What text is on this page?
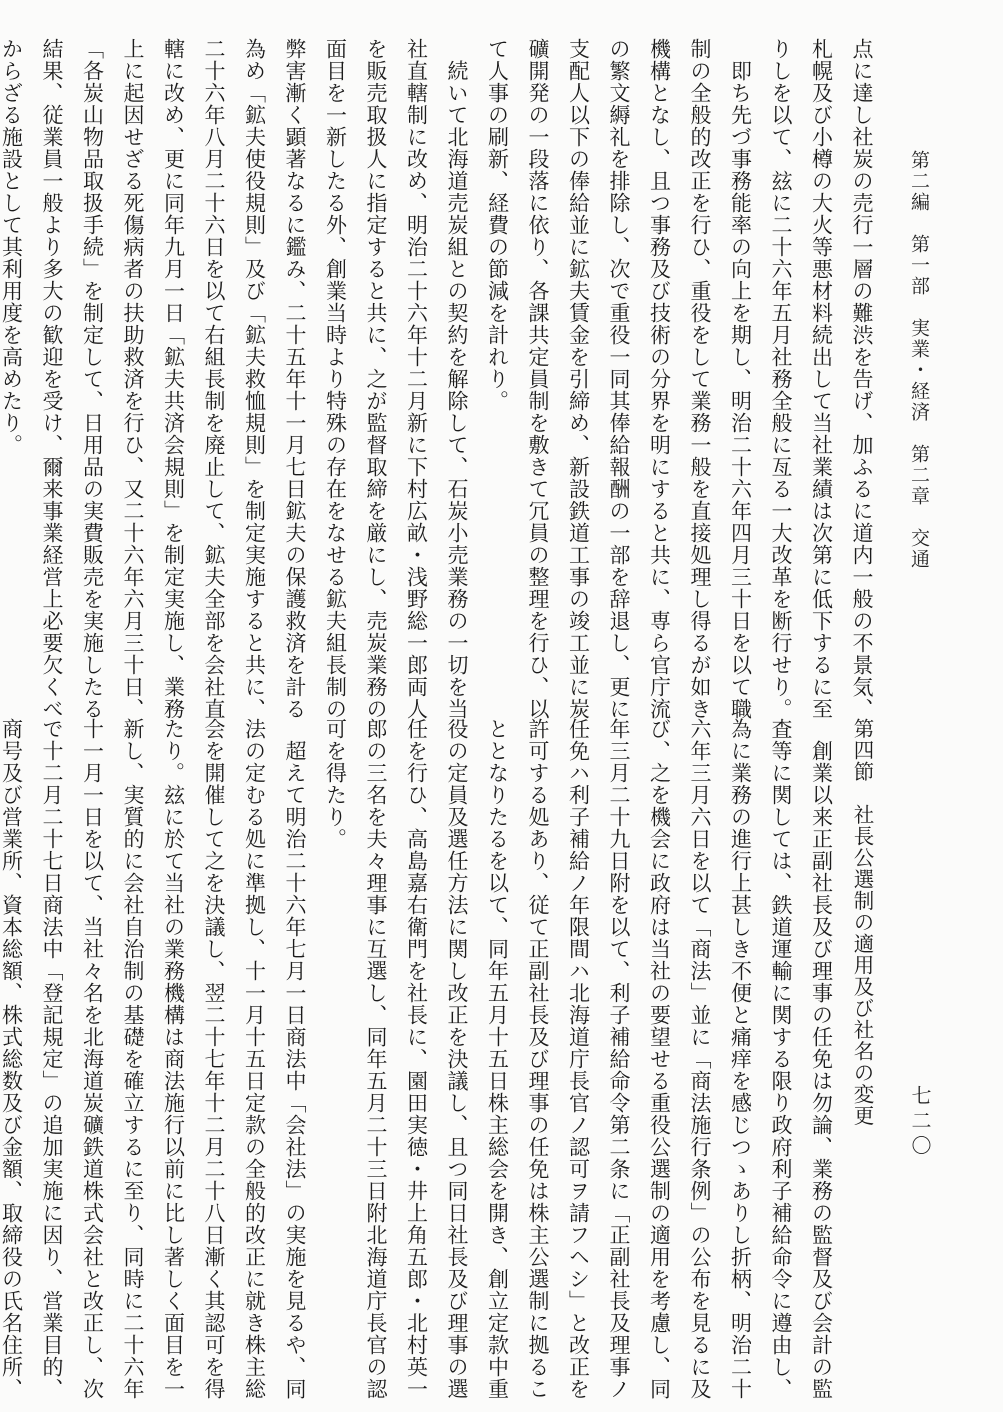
第二編　第一部　実業・経済　第二章　交通
七二〇
点に達し社炭の売行一層の難渋を告げ、加ふるに道内一般の不景気、
札幌及び小樽の大火等悪材料続出して当社業績は次第に低下するに至
りしを以て、玆に二十六年五月社務全般に亙る一大改革を断行せり。
　即ち先づ事務能率の向上を期し、明治二十六年四月三十日を以て職
制の全般的改正を行ひ、重役をして業務一般を直接処理し得るが如き
機構となし、且つ事務及び技術の分界を明にすると共に、専ら官庁流
の繁文縟礼を排除し、次で重役一同其俸給報酬の一部を辞退し、更に
支配人以下の俸給並に鉱夫賃金を引締め、新設鉄道工事の竣工並に炭
礦開発の一段落に依り、各課共定員制を敷きて冗員の整理を行ひ、以
て人事の刷新、経費の節減を計れり。
　続いて北海道売炭組との契約を解除して、石炭小売業務の一切を当
社直轄制に改め、明治二十六年十二月新に下村広畝・浅野総一郎両人
を販売取扱人に指定すると共に、之が監督取締を厳にし、売炭業務の
面目を一新したる外、創業当時より特殊の存在をなせる鉱夫組長制の
弊害漸く顕著なるに鑑み、二十五年十一月七日鉱夫の保護救済を計る
為め「鉱夫使役規則」及び「鉱夫救恤規則」を制定実施すると共に、
二十六年八月二十六日を以て右組長制を廃止して、鉱夫全部を会社直
轄に改め、更に同年九月一日「鉱夫共済会規則」を制定実施し、業務
上に起因せざる死傷病者の扶助救済を行ひ、又二十六年六月三十日、
「各炭山物品取扱手続」を制定して、日用品の実費販売を実施したる
結果、従業員一般より多大の歓迎を受け、爾来事業経営上必要欠くべ
からざる施設として其利用度を高めたり。
第四節　社長公選制の適用及び社名の変更
　創業以来正副社長及び理事の任免は勿論、業務の監督及び会計の監
査等に関しては、鉄道運輸に関する限り政府利子補給命令に遵由し、
為に業務の進行上甚しき不便と痛痒を感じつゝありし折柄、明治二十
六年三月六日を以て「商法」並に「商法施行条例」の公布を見るに及
び、之を機会に政府は当社の要望せる重役公選制の適用を考慮し、同
年三月二十九日附を以て、利子補給命令第二条に「正副社長及理事ノ
任免ハ利子補給ノ年限間ハ北海道庁長官ノ認可ヲ請フヘシ」と改正を
許可する処あり、従て正副社長及び理事の任免は株主公選制に拠るこ
ととなりたるを以て、同年五月十五日株主総会を開き、創立定款中重
役の定員及選任方法に関し改正を決議し、且つ同日社長及び理事の選
任を行ひ、高島嘉右衛門を社長に、園田実徳・井上角五郎・北村英一
郎の三名を夫々理事に互選し、同年五月二十三日附北海道庁長官の認
可を得たり。
　超えて明治二十六年七月一日商法中「会社法」の実施を見るや、同
法の定むる処に準拠し、十一月十五日定款の全般的改正に就き株主総
会を開催して之を決議し、翌二十七年十二月二十八日漸く其認可を得
たり。玆に於て当社の業務機構は商法施行以前に比し著しく面目を一
新し、実質的に会社自治制の基礎を確立するに至り、同時に二十六年
十一月一日を以て、当社々名を北海道炭礦鉄道株式会社と改正し、次
で十二月二十七日商法中「登記規定」の追加実施に因り、営業目的、
商号及び営業所、資本総額、株式総数及び金額、取締役の氏名住所、
